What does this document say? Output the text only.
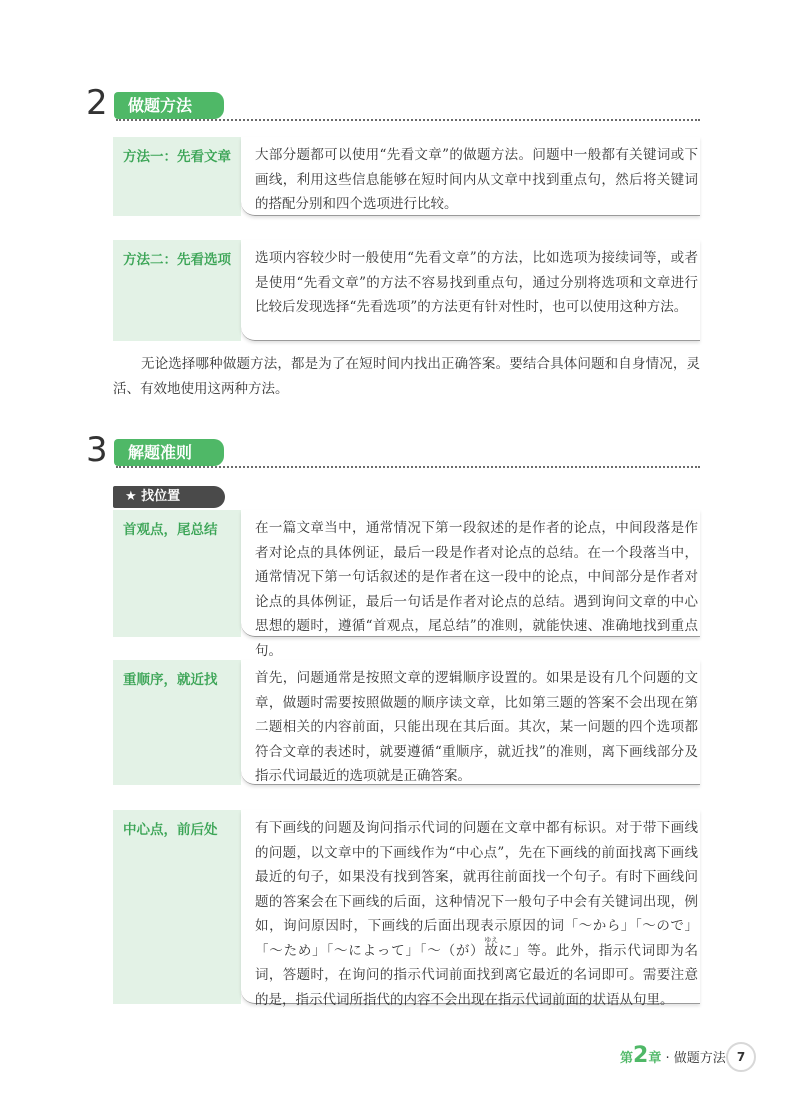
2	做题方法
方法一：先看文章 大部分题都可以使用“先看文章”的做题方法。问题中一般都有关键词或下画线，利用这些信息能够在短时间内从文章中找到重点句，然后将关键词的搭配分别和四个选项进行比较。
方法二：先看选项 选项内容较少时一般使用“先看文章”的方法，比如选项为接续词等，或者是使用“先看文章”的方法不容易找到重点句，通过分别将选项和文章进行比较后发现选择“先看选项”的方法更有针对性时，也可以使用这种方法。
无论选择哪种做题方法，都是为了在短时间内找出正确答案。要结合具体问题和自身情况，灵活、有效地使用这两种方法。
3	解题准则
★ 找位置
首观点，尾总结	在一篇文章当中，通常情况下第一段叙述的是作者的论点，中间段落是作者对论点的具体例证，最后一段是作者对论点的总结。在一个段落当中，通常情况下第一句话叙述的是作者在这一段中的论点，中间部分是作者对论点的具体例证，最后一句话是作者对论点的总结。遇到询问文章的中心思想的题时，遵循“首观点，尾总结”的准则，就能快速、准确地找到重点句。
重顺序，就近找	首先，问题通常是按照文章的逻辑顺序设置的。如果是设有几个问题的文章，做题时需要按照做题的顺序读文章，比如第三题的答案不会出现在第二题相关的内容前面，只能出现在其后面。其次，某一问题的四个选项都符合文章的表述时，就要遵循“重顺序，就近找”的准则，离下画线部分及指示代词最近的选项就是正确答案。
中心点，前后处	有下画线的问题及询问指示代词的问题在文章中都有标识。对于带下画线的问题，以文章中的下画线作为“中心点”，先在下画线的前面找离下画线最近的句子，如果没有找到答案，就再往前面找一个句子。有时下画线问题的答案会在下画线的后面，这种情况下一般句子中会有关键词出现，例如，询问原因时，下画线的后面出现表示原因的词「～から」「～ので」「～ため」「～によって」「～（が）故ゆえに」等。此外，指示代词即为名词，答题时，在询问的指示代词前面找到离它最近的名词即可。需要注意的是，指示代词所指代的内容不会出现在指示代词前面的状语从句里。
第2章 · 做题方法 7
